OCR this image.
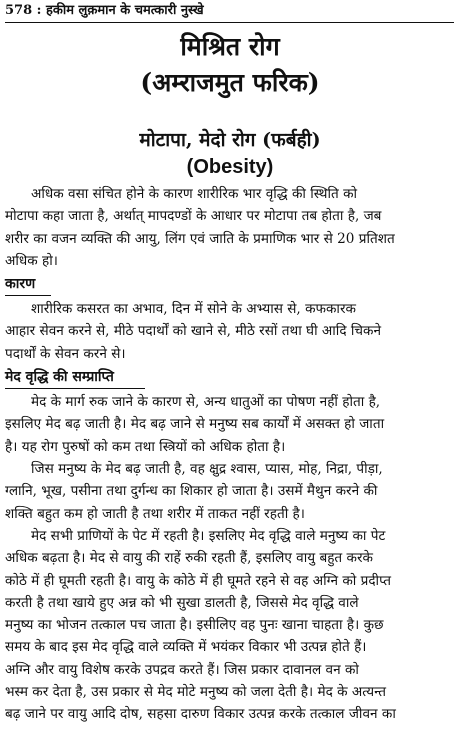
578 : हकीम लुक़मान के चमत्कारी नुस्खे
मिश्रित रोग
(अम्‍राजमुत फरिक)
मोटापा, मेदो रोग (फर्बही)
(Obesity)
अधिक वसा संचित होने के कारण शारीरिक भार वृद्धि की स्थिति को
मोटापा कहा जाता है, अर्थात् मापदण्डों के आधार पर मोटापा तब होता है, जब
शरीर का वजन व्यक्ति की आयु, लिंग एवं जाति के प्रमाणिक भार से 20 प्रतिशत
अधिक हो।
कारण
शारीरिक कसरत का अभाव, दिन में सोने के अभ्यास से, कफकारक
आहार सेवन करने से, मीठे पदार्थों को खाने से, मीठे रसों तथा घी आदि चिकने
पदार्थों के सेवन करने से।
मेद वृद्धि की सम्प्राप्ति
मेद के मार्ग रुक जाने के कारण से, अन्य धातुओं का पोषण नहीं होता है,
इसलिए मेद बढ़ जाती है। मेद बढ़ जाने से मनुष्य सब कार्यों में असक्त हो जाता
है। यह रोग पुरुषों को कम तथा स्त्रियों को अधिक होता है।
जिस मनुष्य के मेद बढ़ जाती है, वह क्षुद्र श्‍वास, प्यास, मोह, निद्रा, पीड़ा,
ग्लानि, भूख, पसीना तथा दुर्गन्ध का शिकार हो जाता है। उसमें मैथुन करने की
शक्ति बहुत कम हो जाती है तथा शरीर में ताकत नहीं रहती है।
मेद सभी प्राणियों के पेट में रहती है। इसलिए मेद वृद्धि वाले मनुष्य का पेट
अधिक बढ़ता है। मेद से वायु की राहें रुकी रहती हैं, इसलिए वायु बहुत करके
कोठे में ही घूमती रहती है। वायु के कोठे में ही घूमते रहने से वह अग्नि को प्रदीप्त
करती है तथा खाये हुए अन्न को भी सुखा डालती है, जिससे मेद वृद्धि वाले
मनुष्य का भोजन तत्काल पच जाता है। इसीलिए वह पुनः खाना चाहता है। कुछ
समय के बाद इस मेद वृद्धि वाले व्यक्ति में भयंकर विकार भी उत्पन्न होते हैं।
अग्नि और वायु विशेष करके उपद्रव करते हैं। जिस प्रकार दावानल वन को
भस्म कर देता है, उस प्रकार से मेद मोटे मनुष्य को जला देती है। मेद के अत्यन्त
बढ़ जाने पर वायु आदि दोष, सहसा दारुण विकार उत्पन्न करके तत्काल जीवन का
